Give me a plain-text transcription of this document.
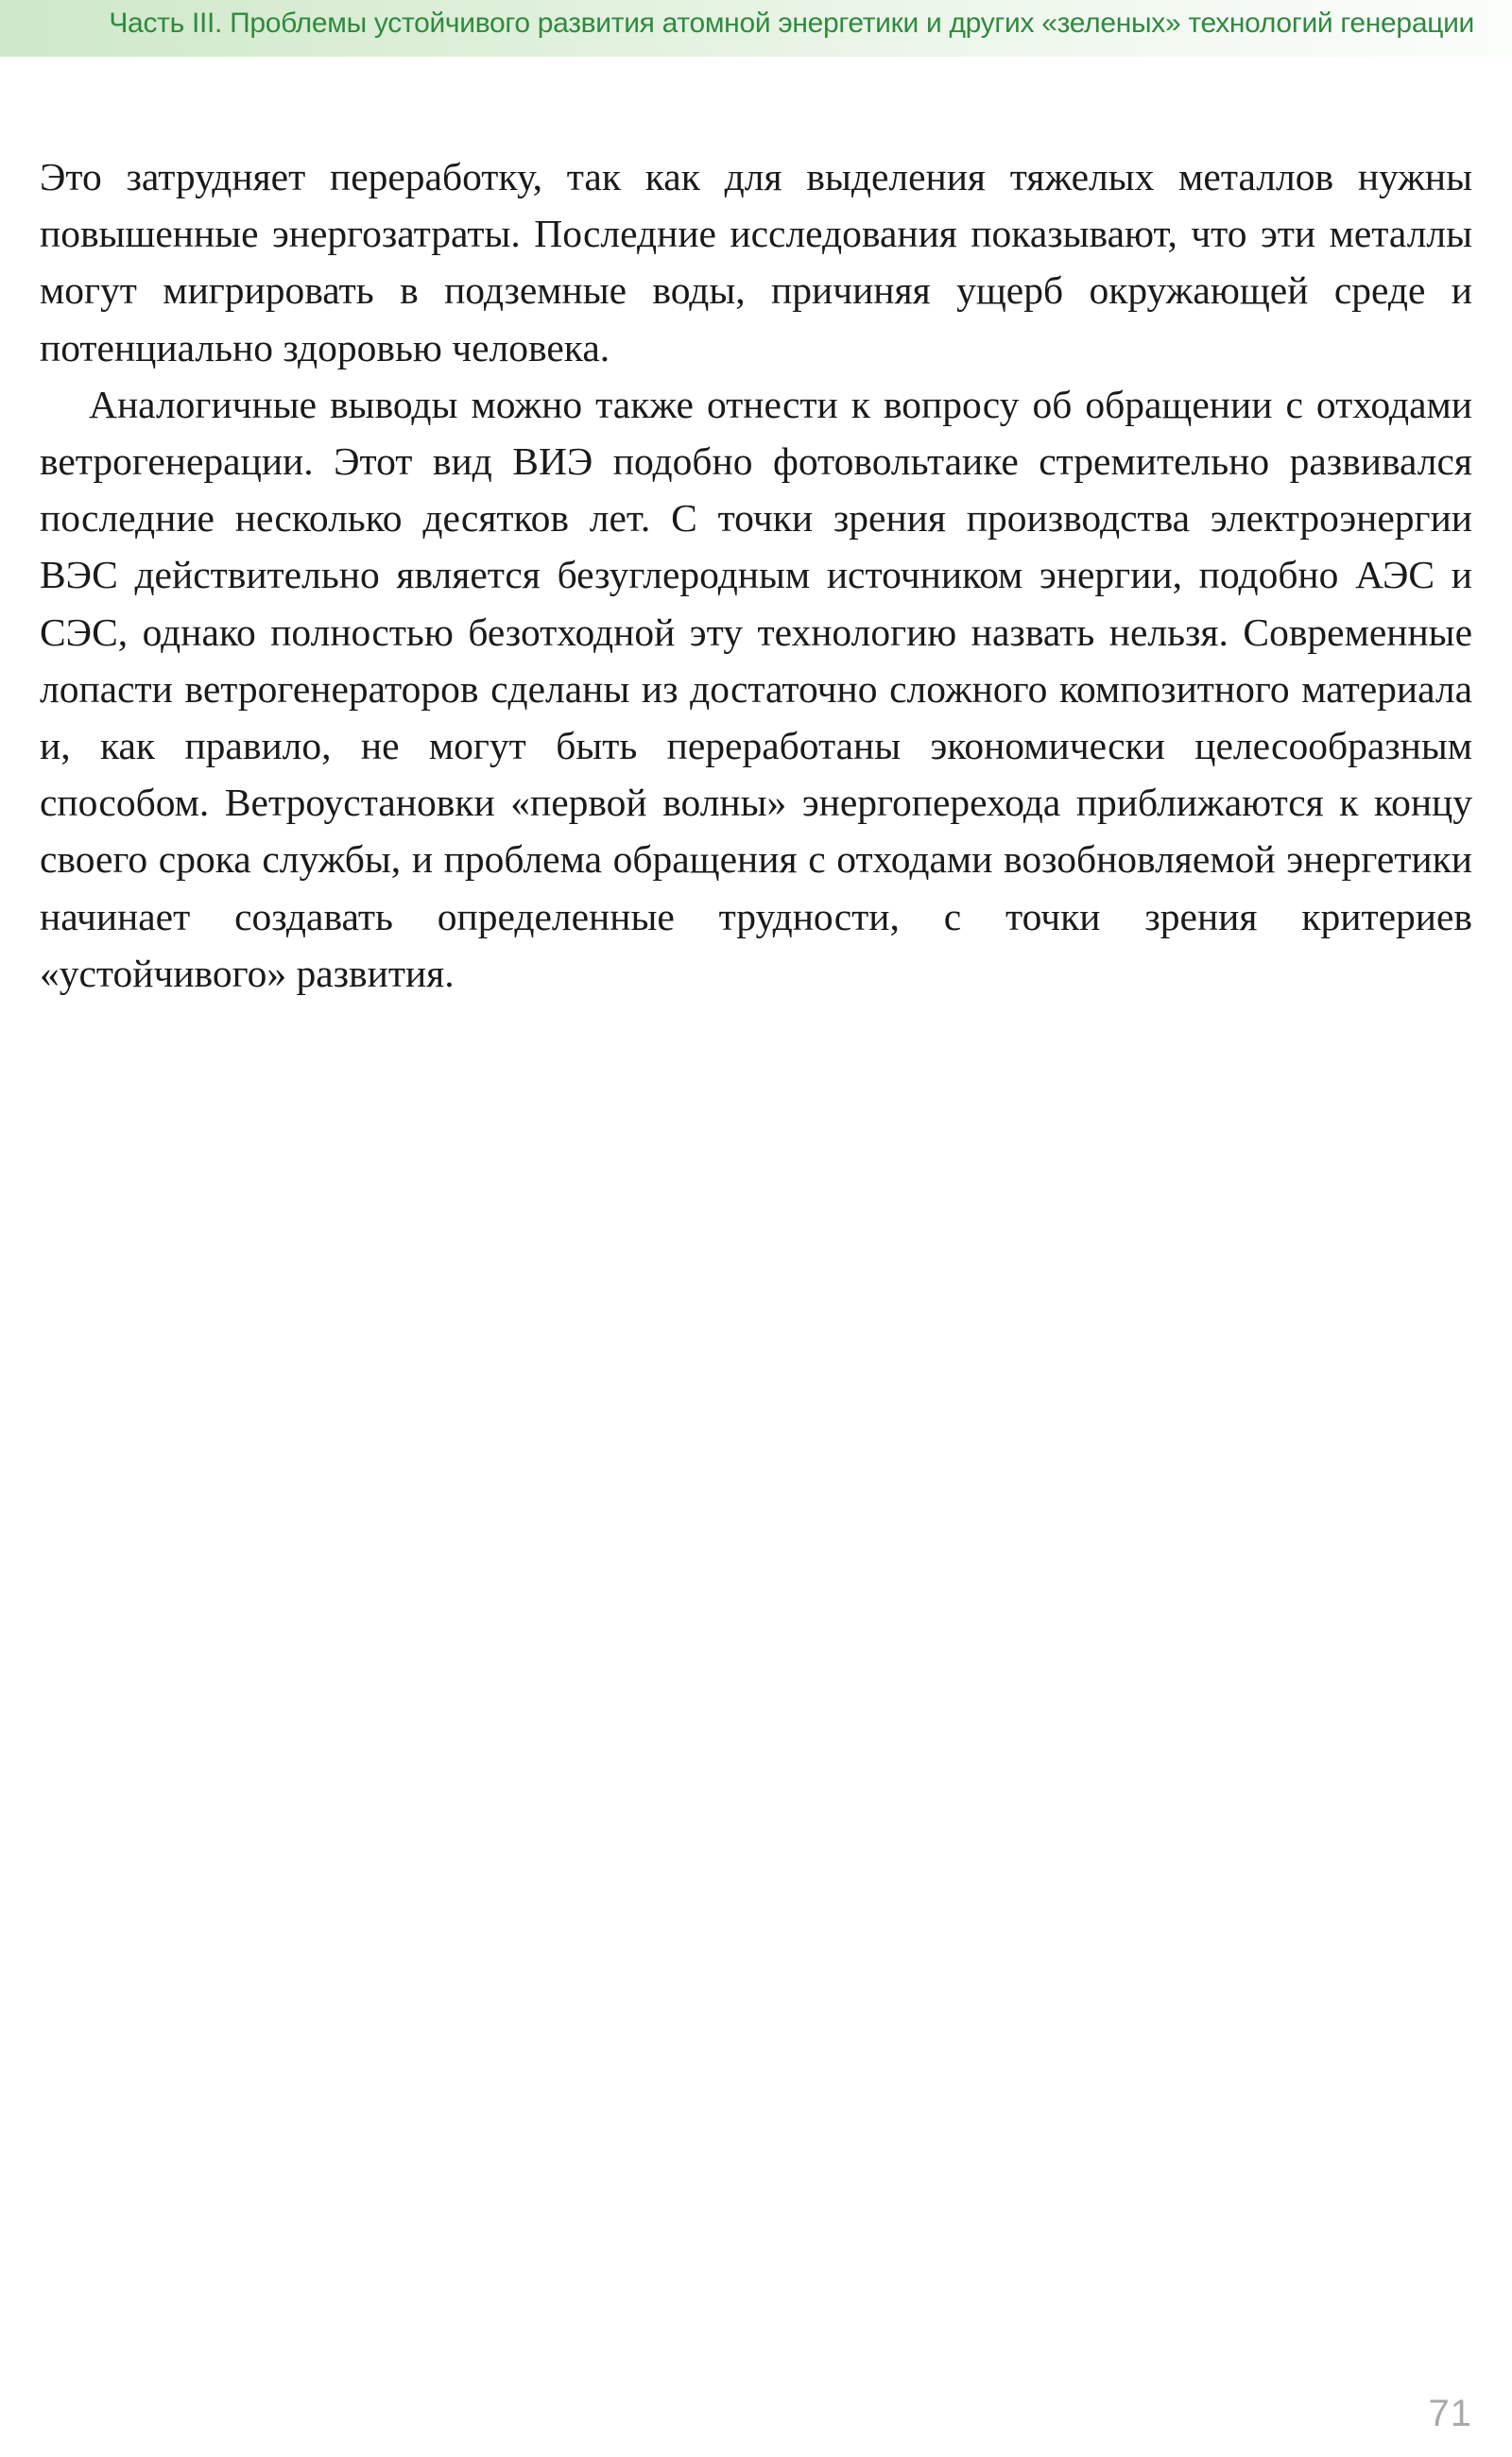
Часть III. Проблемы устойчивого развития атомной энергетики и других «зеленых» технологий генерации

Это затрудняет переработку, так как для выделения тяжелых металлов нужны повышенные энергозатраты. Последние исследования показывают, что эти металлы могут мигрировать в подземные воды, причиняя ущерб окружающей среде и потенциально здоровью человека.

Аналогичные выводы можно также отнести к вопросу об обращении с отходами ветрогенерации. Этот вид ВИЭ подобно фотовольтаике стремительно развивался последние несколько десятков лет. С точки зрения производства электроэнергии ВЭС действительно является безуглеродным источником энергии, подобно АЭС и СЭС, однако полностью безотходной эту технологию назвать нельзя. Современные лопасти ветрогенераторов сделаны из достаточно сложного композитного материала и, как правило, не могут быть переработаны экономически целесообразным способом. Ветроустановки «первой волны» энергоперехода приближаются к концу своего срока службы, и проблема обращения с отходами возобновляемой энергетики начинает создавать определенные трудности, с точки зрения критериев «устойчивого» развития.

71
